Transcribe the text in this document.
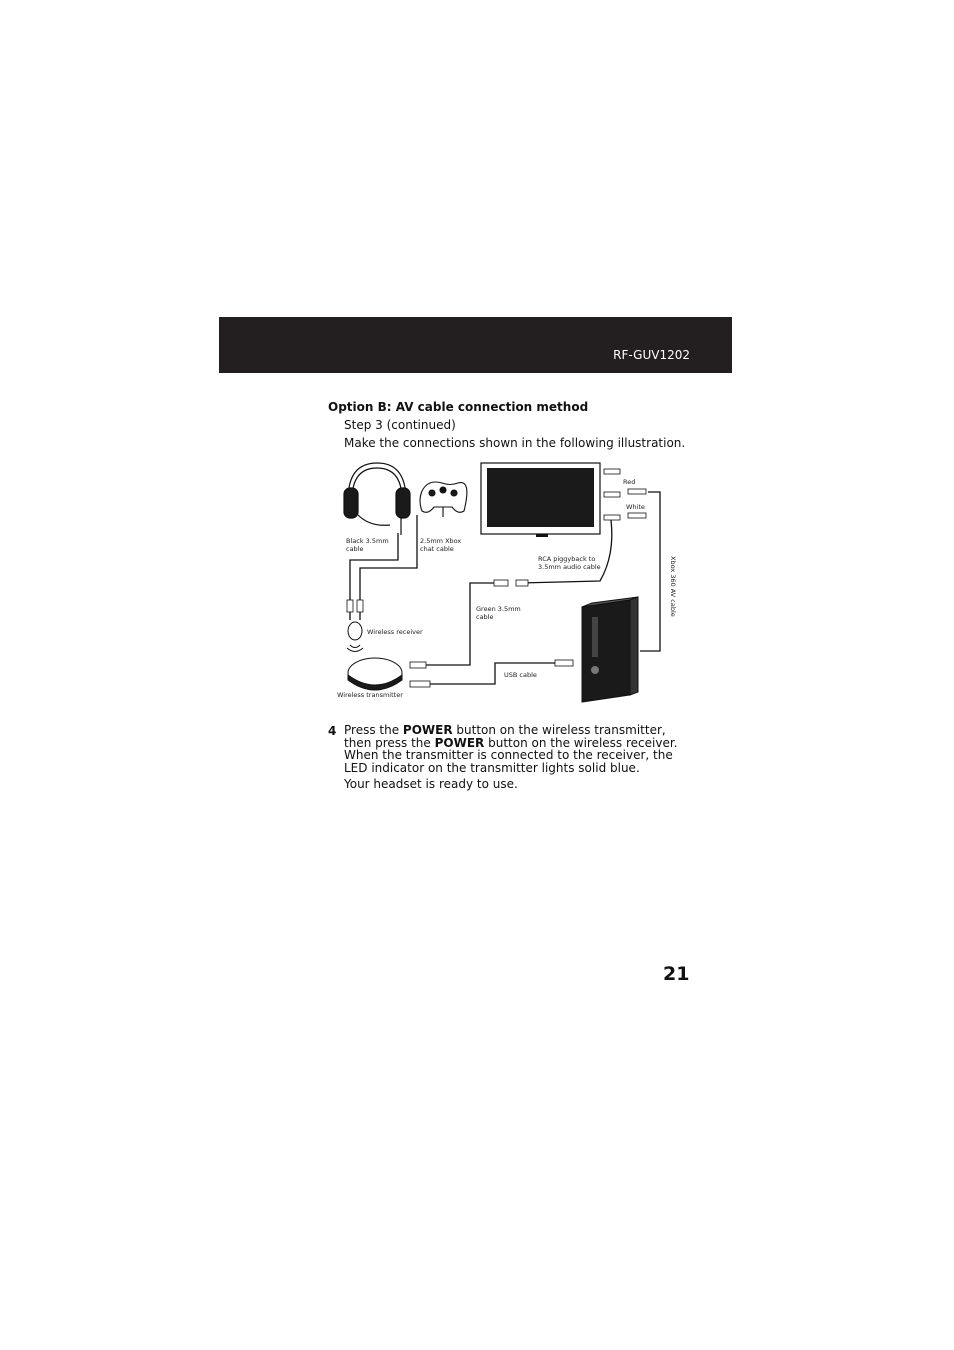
RF-GUV1202
Option B: AV cable connection method
Step 3 (continued)
Make the connections shown in the following illustration.
Red
White
Black 3.5mm
cable
2.5mm Xbox
chat cable
RCA piggyback to
3.5mm audio cable	Xbox 360 AV cable
Green 3.5mm
cable
Wireless receiver
USB cable
Wireless transmitter
4 Press the POWER button on the wireless transmitter, then press the POWER button on the wireless receiver. When the transmitter is connected to the receiver, the LED indicator on the transmitter lights solid blue.
Your headset is ready to use.
21
